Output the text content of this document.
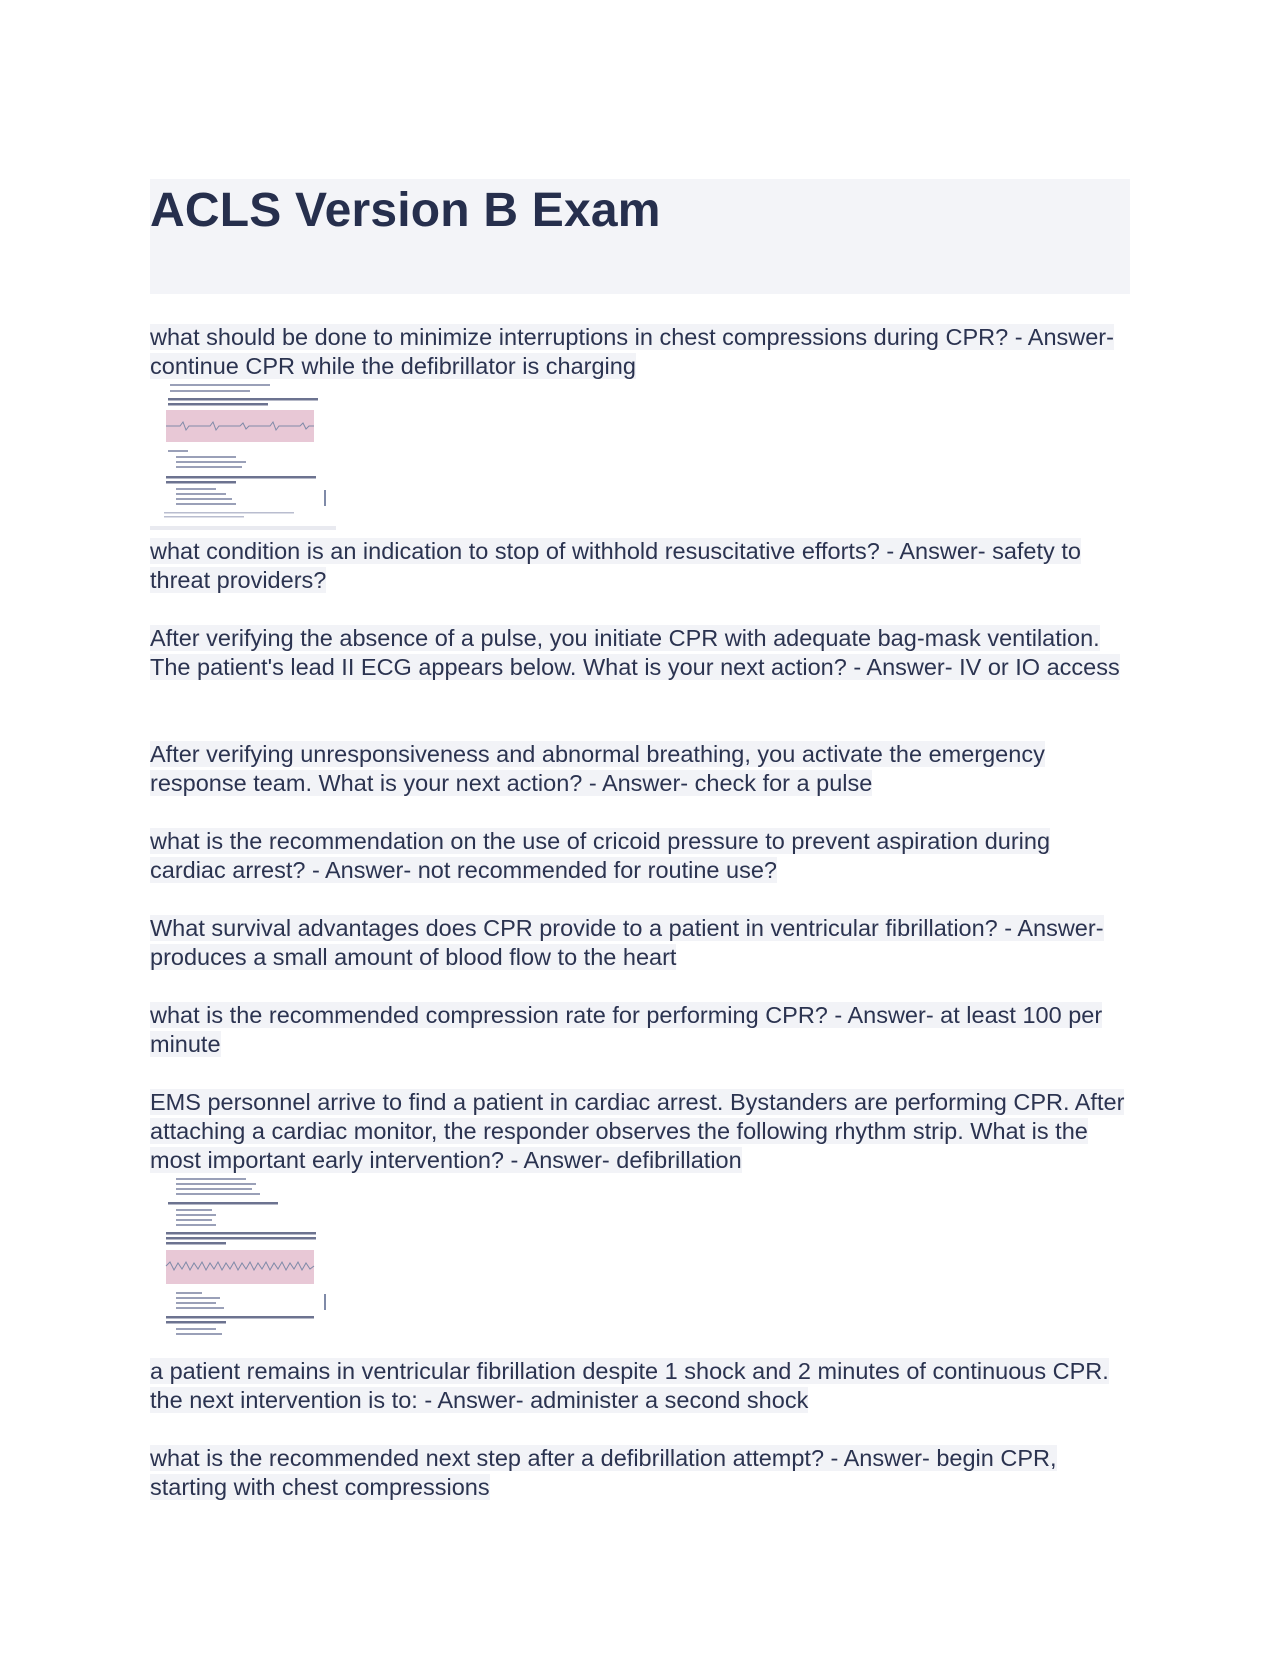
ACLS Version B Exam

what should be done to minimize interruptions in chest compressions during CPR? - Answer- continue CPR while the defibrillator is charging

what condition is an indication to stop of withhold resuscitative efforts? - Answer- safety to threat providers?

After verifying the absence of a pulse, you initiate CPR with adequate bag-mask ventilation. The patient's lead II ECG appears below. What is your next action? - Answer- IV or IO access

After verifying unresponsiveness and abnormal breathing, you activate the emergency response team. What is your next action? - Answer- check for a pulse

what is the recommendation on the use of cricoid pressure to prevent aspiration during cardiac arrest? - Answer- not recommended for routine use?

What survival advantages does CPR provide to a patient in ventricular fibrillation? - Answer- produces a small amount of blood flow to the heart

what is the recommended compression rate for performing CPR? - Answer- at least 100 per minute

EMS personnel arrive to find a patient in cardiac arrest. Bystanders are performing CPR. After attaching a cardiac monitor, the responder observes the following rhythm strip. What is the most important early intervention? - Answer- defibrillation

a patient remains in ventricular fibrillation despite 1 shock and 2 minutes of continuous CPR. the next intervention is to: - Answer- administer a second shock

what is the recommended next step after a defibrillation attempt? - Answer- begin CPR, starting with chest compressions
